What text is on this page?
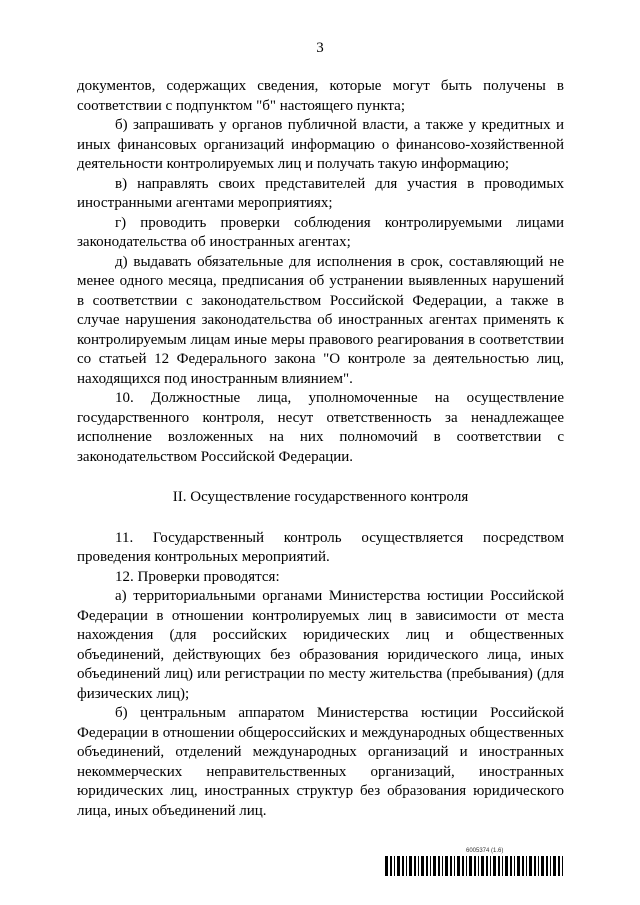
3

документов, содержащих сведения, которые могут быть получены в соответствии с подпунктом "б" настоящего пункта;

б) запрашивать у органов публичной власти, а также у кредитных и иных финансовых организаций информацию о финансово-хозяйственной деятельности контролируемых лиц и получать такую информацию;

в) направлять своих представителей для участия в проводимых иностранными агентами мероприятиях;

г) проводить проверки соблюдения контролируемыми лицами законодательства об иностранных агентах;

д) выдавать обязательные для исполнения в срок, составляющий не менее одного месяца, предписания об устранении выявленных нарушений в соответствии с законодательством Российской Федерации, а также в случае нарушения законодательства об иностранных агентах применять к контролируемым лицам иные меры правового реагирования в соответствии со статьей 12 Федерального закона "О контроле за деятельностью лиц, находящихся под иностранным влиянием".

10. Должностные лица, уполномоченные на осуществление государственного контроля, несут ответственность за ненадлежащее исполнение возложенных на них полномочий в соответствии с законодательством Российской Федерации.

II. Осуществление государственного контроля

11. Государственный контроль осуществляется посредством проведения контрольных мероприятий.

12. Проверки проводятся:

а) территориальными органами Министерства юстиции Российской Федерации в отношении контролируемых лиц в зависимости от места нахождения (для российских юридических лиц и общественных объединений, действующих без образования юридического лица, иных объединений лиц) или регистрации по месту жительства (пребывания) (для физических лиц);

б) центральным аппаратом Министерства юстиции Российской Федерации в отношении общероссийских и международных общественных объединений, отделений международных организаций и иностранных некоммерческих неправительственных организаций, иностранных юридических лиц, иностранных структур без образования юридического лица, иных объединений лиц.

6005374 (1.6)
